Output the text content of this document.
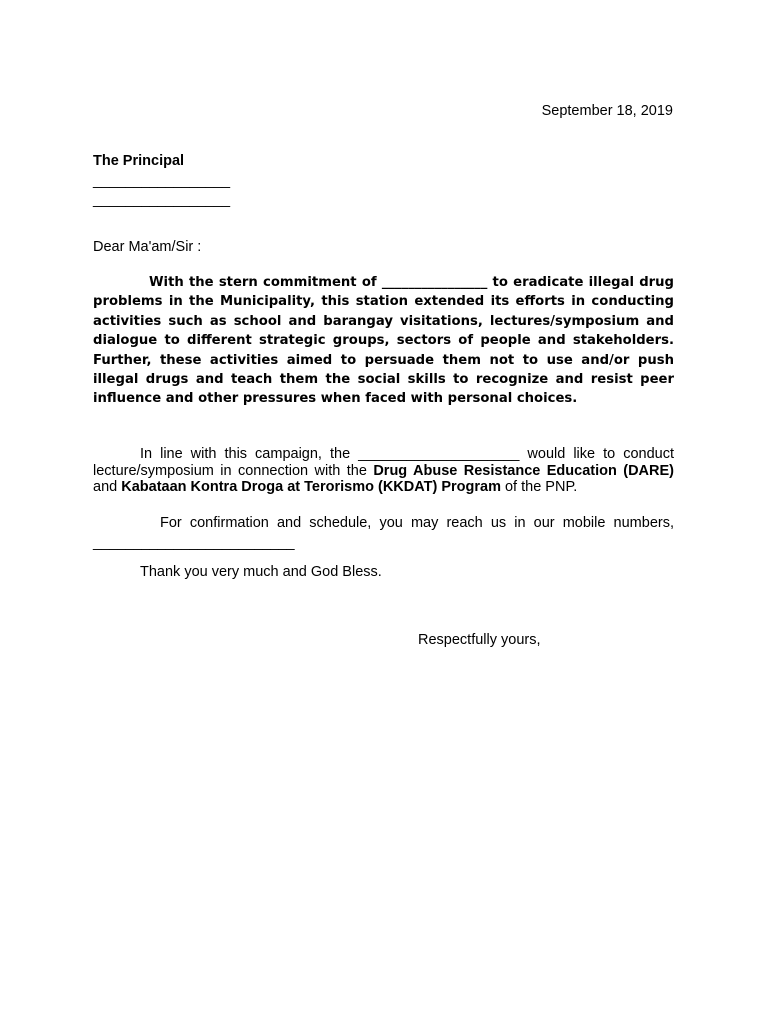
September 18, 2019
The Principal
_________________
_________________
Dear Ma'am/Sir :
With the stern commitment of ________________ to eradicate illegal drug problems in the Municipality, this station extended its efforts in conducting activities such as school and barangay visitations, lectures/symposium and dialogue to different strategic groups, sectors of people and stakeholders. Further, these activities aimed to persuade them not to use and/or push illegal drugs and teach them the social skills to recognize and resist peer influence and other pressures when faced with personal choices.
In line with this campaign, the ____________________ would like to conduct lecture/symposium in connection with the Drug Abuse Resistance Education (DARE) and Kabataan Kontra Droga at Terorismo (KKDAT) Program of the PNP.
For confirmation and schedule, you may reach us in our mobile numbers, _________________________
Thank you very much and God Bless.
Respectfully yours,
